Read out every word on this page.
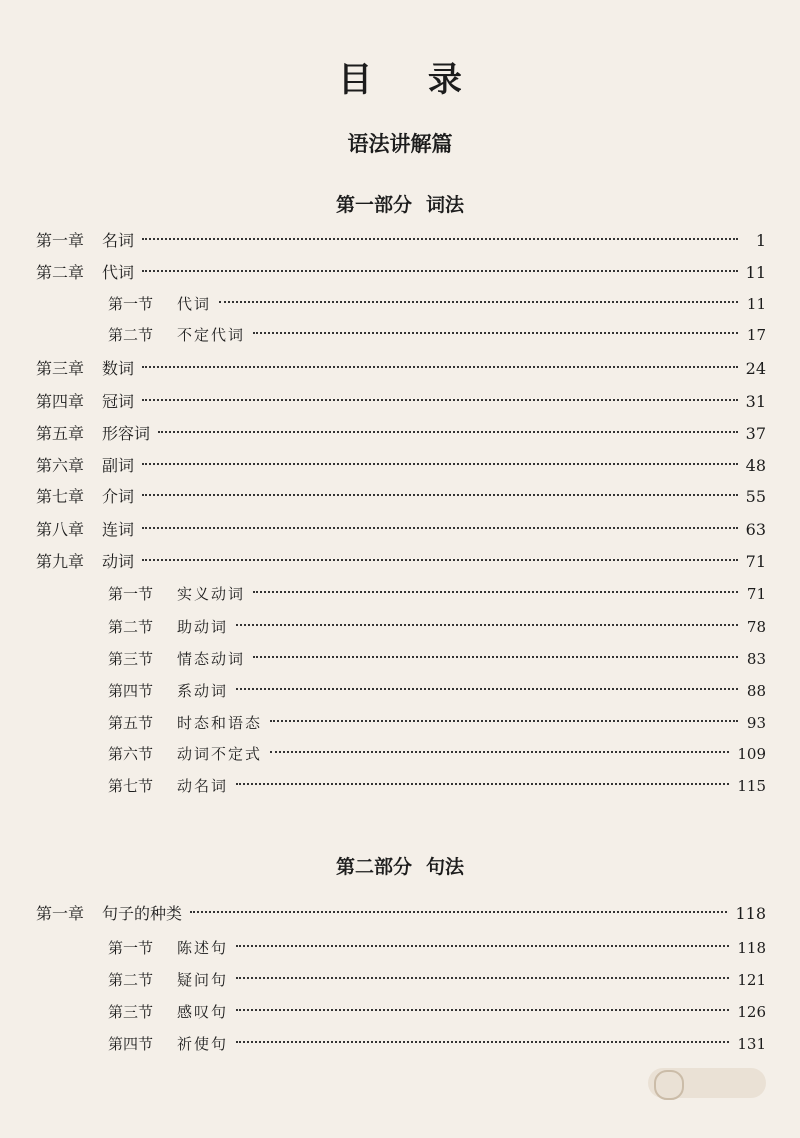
目 录
语法讲解篇
第一部分 词法
第二部分 句法
第一章 名词	1
第二章 代词	11
第一节 代词	11
第二节 不定代词	17
第三章 数词	24
第四章 冠词	31
第五章 形容词	37
第六章 副词	48
第七章 介词	55
第八章 连词	63
第九章 动词	71
第一节 实义动词	71
第二节 助动词	78
第三节 情态动词	83
第四节 系动词	88
第五节 时态和语态	93
第六节 动词不定式	109
第七节 动名词	115
第一章 句子的种类	118
第一节 陈述句	118
第二节 疑问句	121
第三节 感叹句	126
第四节 祈使句	131
